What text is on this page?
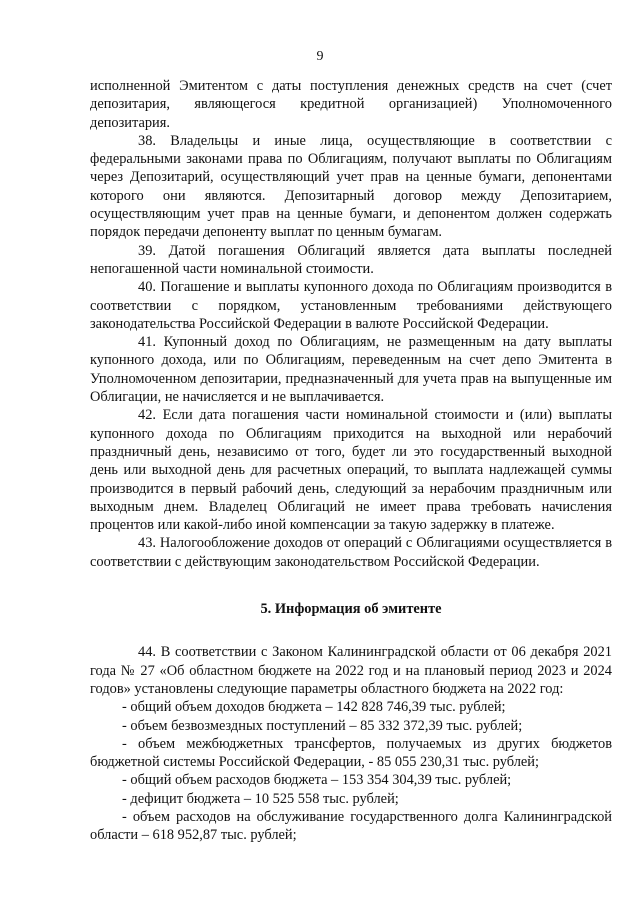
9

исполненной Эмитентом с даты поступления денежных средств на счет (счет депозитария, являющегося кредитной организацией) Уполномоченного депозитария.

38. Владельцы и иные лица, осуществляющие в соответствии с федеральными законами права по Облигациям, получают выплаты по Облигациям через Депозитарий, осуществляющий учет прав на ценные бумаги, депонентами которого они являются. Депозитарный договор между Депозитарием, осуществляющим учет прав на ценные бумаги, и депонентом должен содержать порядок передачи депоненту выплат по ценным бумагам.

39. Датой погашения Облигаций является дата выплаты последней непогашенной части номинальной стоимости.

40. Погашение и выплаты купонного дохода по Облигациям производится в соответствии с порядком, установленным требованиями действующего законодательства Российской Федерации в валюте Российской Федерации.

41. Купонный доход по Облигациям, не размещенным на дату выплаты купонного дохода, или по Облигациям, переведенным на счет депо Эмитента в Уполномоченном депозитарии, предназначенный для учета прав на выпущенные им Облигации, не начисляется и не выплачивается.

42. Если дата погашения части номинальной стоимости и (или) выплаты купонного дохода по Облигациям приходится на выходной или нерабочий праздничный день, независимо от того, будет ли это государственный выходной день или выходной день для расчетных операций, то выплата надлежащей суммы производится в первый рабочий день, следующий за нерабочим праздничным или выходным днем. Владелец Облигаций не имеет права требовать начисления процентов или какой-либо иной компенсации за такую задержку в платеже.

43. Налогообложение доходов от операций с Облигациями осуществляется в соответствии с действующим законодательством Российской Федерации.

5. Информация об эмитенте

44. В соответствии с Законом Калининградской области от 06 декабря 2021 года № 27 «Об областном бюджете на 2022 год и на плановый период 2023 и 2024 годов» установлены следующие параметры областного бюджета на 2022 год:

- общий объем доходов бюджета – 142 828 746,39 тыс. рублей;

- объем безвозмездных поступлений – 85 332 372,39 тыс. рублей;

- объем межбюджетных трансфертов, получаемых из других бюджетов бюджетной системы Российской Федерации, - 85 055 230,31 тыс. рублей;

- общий объем расходов бюджета – 153 354 304,39 тыс. рублей;

- дефицит бюджета – 10 525 558 тыс. рублей;

- объем расходов на обслуживание государственного долга Калининградской области – 618 952,87 тыс. рублей;
